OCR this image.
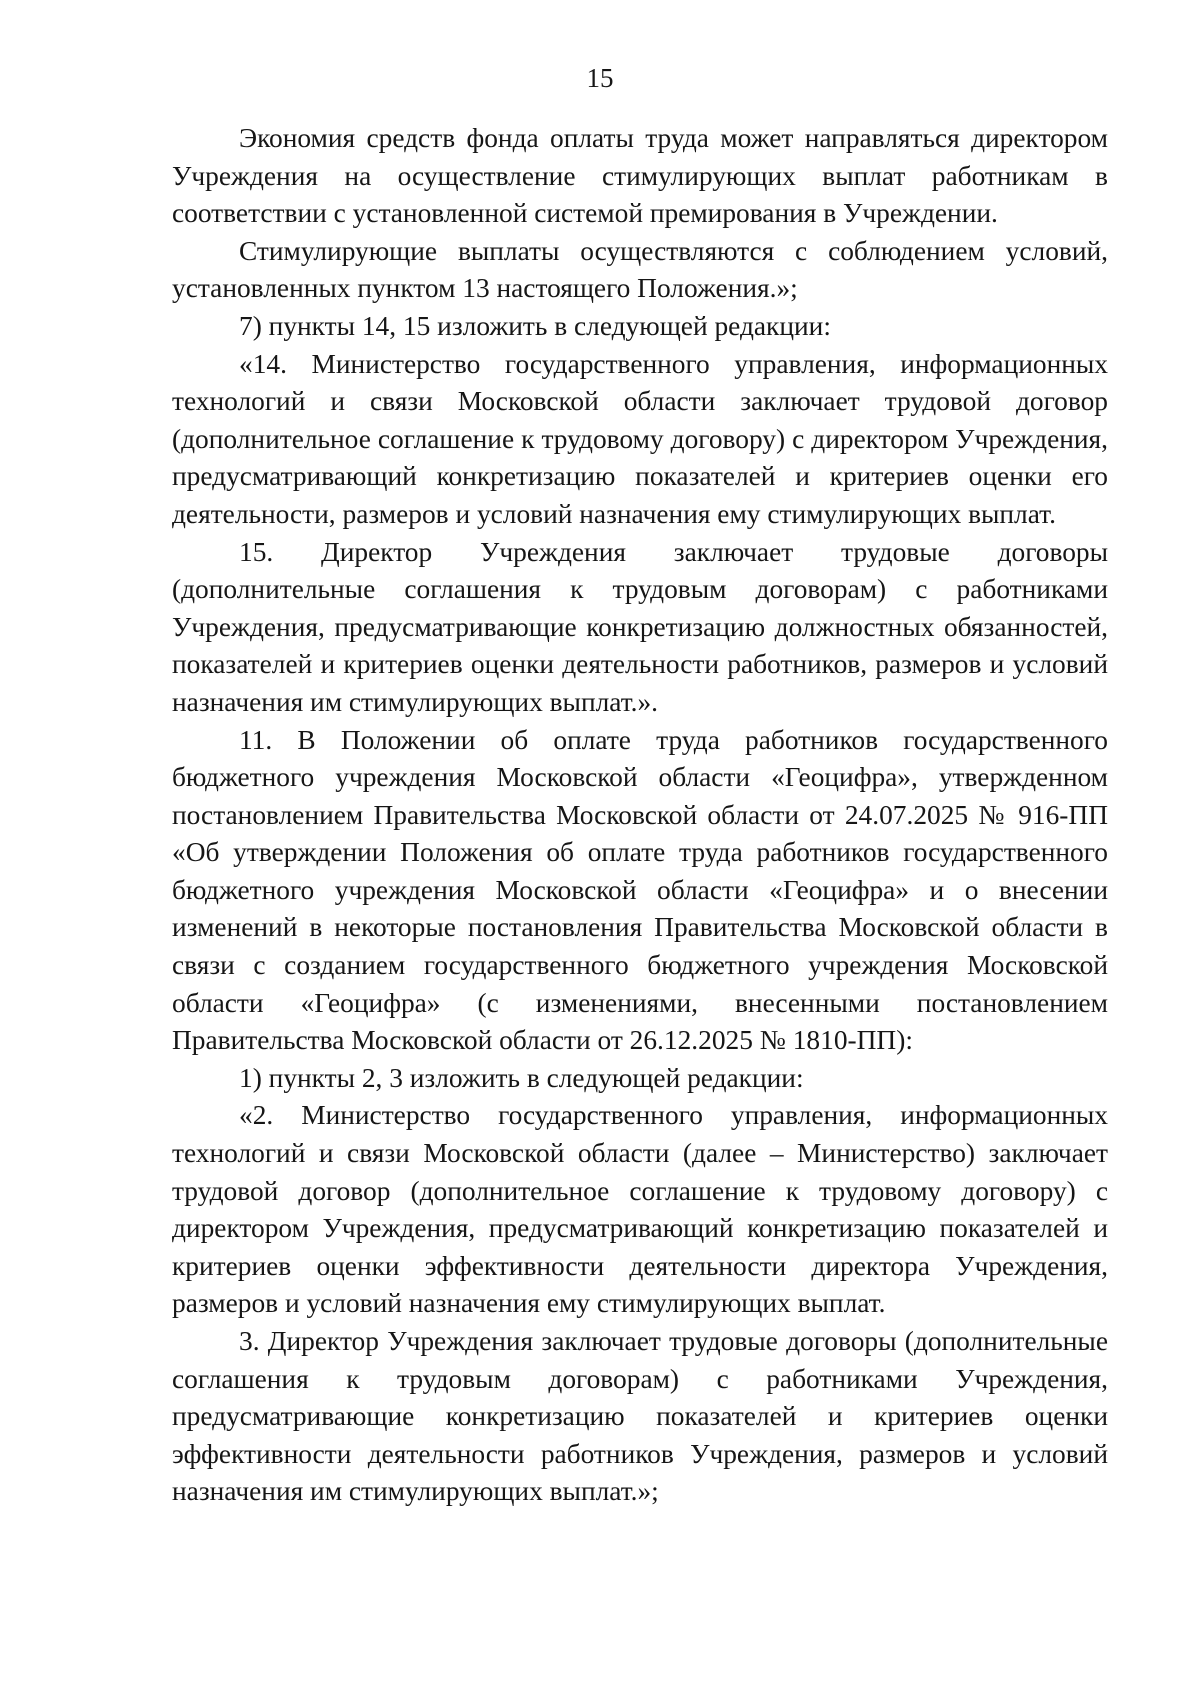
15

Экономия средств фонда оплаты труда может направляться директором Учреждения на осуществление стимулирующих выплат работникам в соответствии с установленной системой премирования в Учреждении.

Стимулирующие выплаты осуществляются с соблюдением условий, установленных пунктом 13 настоящего Положения.»;

7) пункты 14, 15 изложить в следующей редакции:

«14. Министерство государственного управления, информационных технологий и связи Московской области заключает трудовой договор (дополнительное соглашение к трудовому договору) с директором Учреждения, предусматривающий конкретизацию показателей и критериев оценки его деятельности, размеров и условий назначения ему стимулирующих выплат.

15. Директор Учреждения заключает трудовые договоры (дополнительные соглашения к трудовым договорам) с работниками Учреждения, предусматривающие конкретизацию должностных обязанностей, показателей и критериев оценки деятельности работников, размеров и условий назначения им стимулирующих выплат.».

11. В Положении об оплате труда работников государственного бюджетного учреждения Московской области «Геоцифра», утвержденном постановлением Правительства Московской области от 24.07.2025 № 916-ПП «Об утверждении Положения об оплате труда работников государственного бюджетного учреждения Московской области «Геоцифра» и о внесении изменений в некоторые постановления Правительства Московской области в связи с созданием государственного бюджетного учреждения Московской области «Геоцифра» (с изменениями, внесенными постановлением Правительства Московской области от 26.12.2025 № 1810-ПП):

1) пункты 2, 3 изложить в следующей редакции:

«2. Министерство государственного управления, информационных технологий и связи Московской области (далее – Министерство) заключает трудовой договор (дополнительное соглашение к трудовому договору) с директором Учреждения, предусматривающий конкретизацию показателей и критериев оценки эффективности деятельности директора Учреждения, размеров и условий назначения ему стимулирующих выплат.

3. Директор Учреждения заключает трудовые договоры (дополнительные соглашения к трудовым договорам) с работниками Учреждения, предусматривающие конкретизацию показателей и критериев оценки эффективности деятельности работников Учреждения, размеров и условий назначения им стимулирующих выплат.»;
